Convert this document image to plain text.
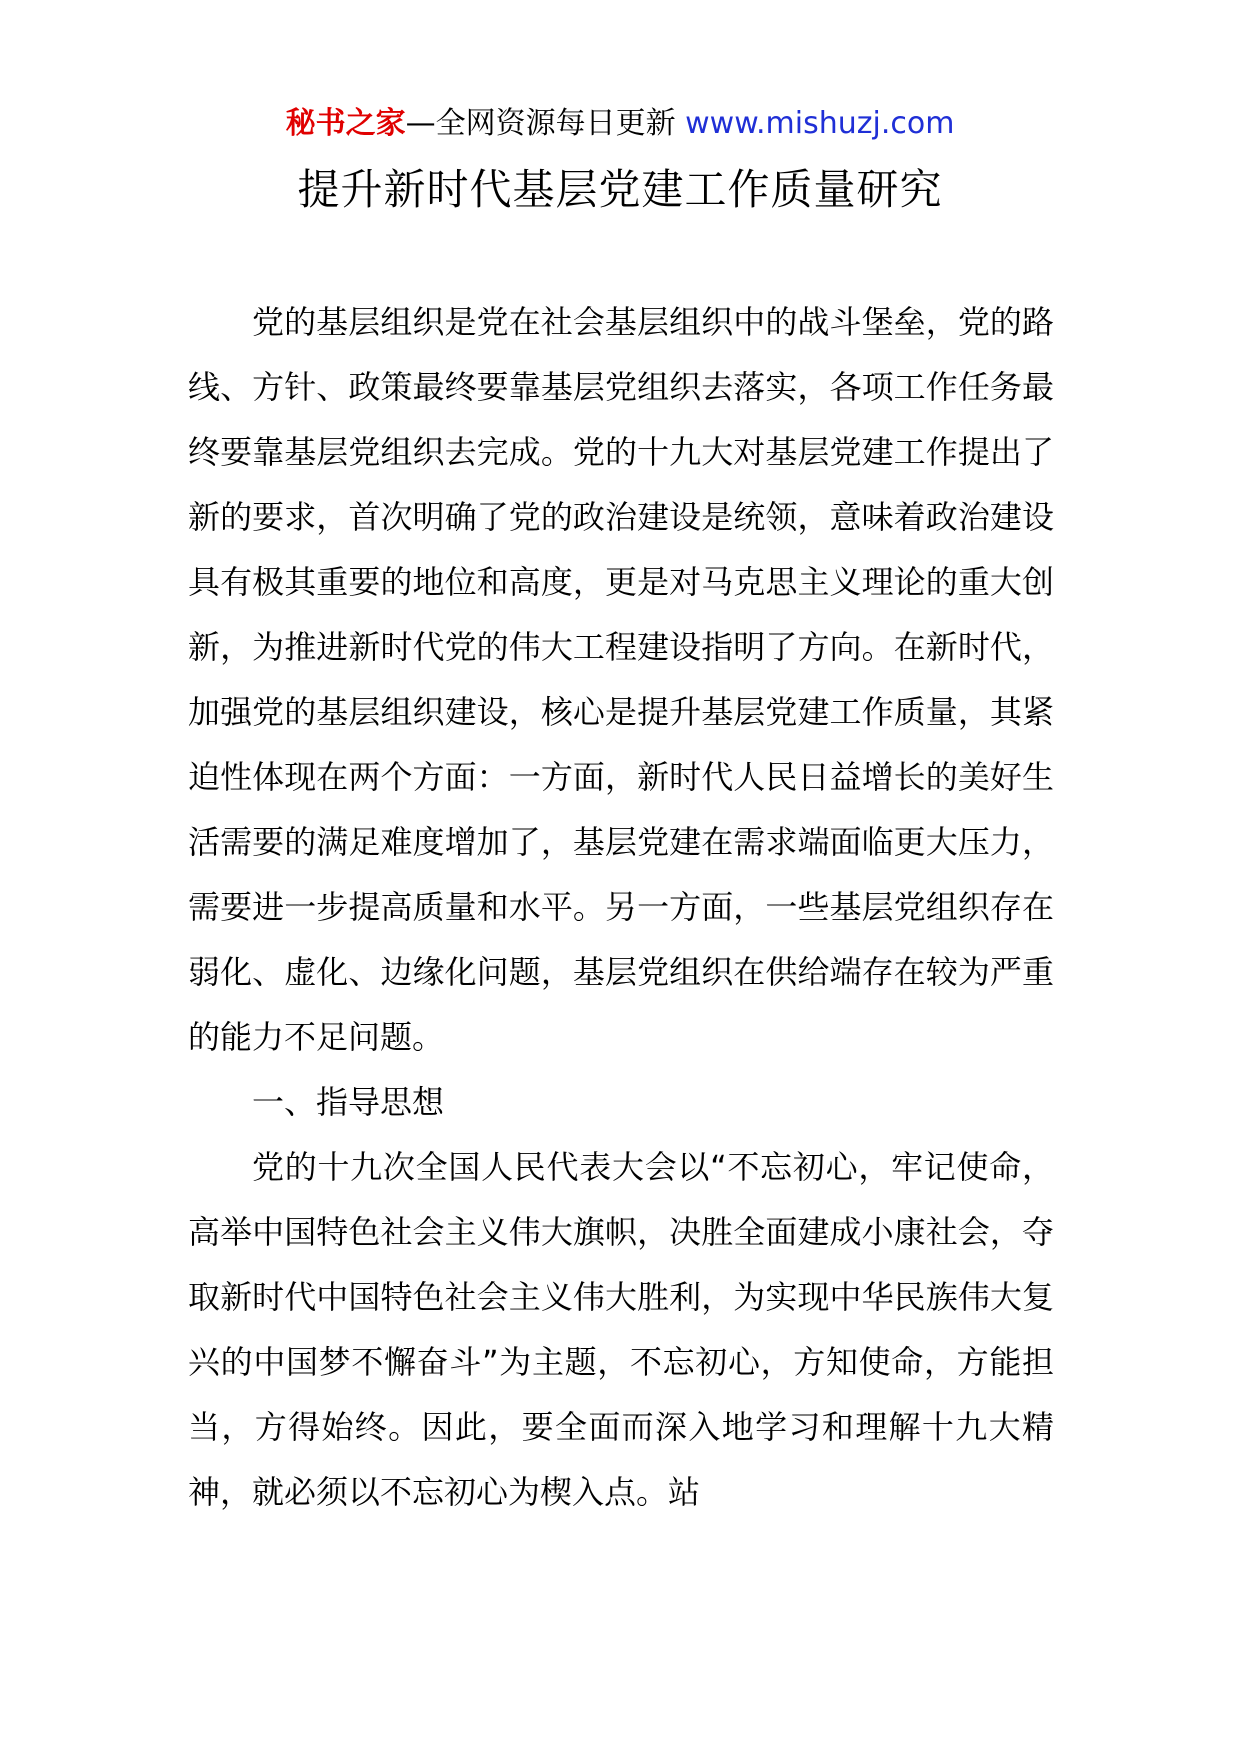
秘书之家—全网资源每日更新 www.mishuzj.com
提升新时代基层党建工作质量研究

党的基层组织是党在社会基层组织中的战斗堡垒，党的路线、方针、政策最终要靠基层党组织去落实，各项工作任务最终要靠基层党组织去完成。党的十九大对基层党建工作提出了新的要求，首次明确了党的政治建设是统领，意味着政治建设具有极其重要的地位和高度，更是对马克思主义理论的重大创新，为推进新时代党的伟大工程建设指明了方向。在新时代，加强党的基层组织建设，核心是提升基层党建工作质量，其紧迫性体现在两个方面：一方面，新时代人民日益增长的美好生活需要的满足难度增加了，基层党建在需求端面临更大压力，需要进一步提高质量和水平。另一方面，一些基层党组织存在弱化、虚化、边缘化问题，基层党组织在供给端存在较为严重的能力不足问题。

一、指导思想

党的十九次全国人民代表大会以“不忘初心，牢记使命，高举中国特色社会主义伟大旗帜，决胜全面建成小康社会，夺取新时代中国特色社会主义伟大胜利，为实现中华民族伟大复兴的中国梦不懈奋斗”为主题，不忘初心，方知使命，方能担当，方得始终。因此，要全面而深入地学习和理解十九大精神，就必须以不忘初心为楔入点。站
